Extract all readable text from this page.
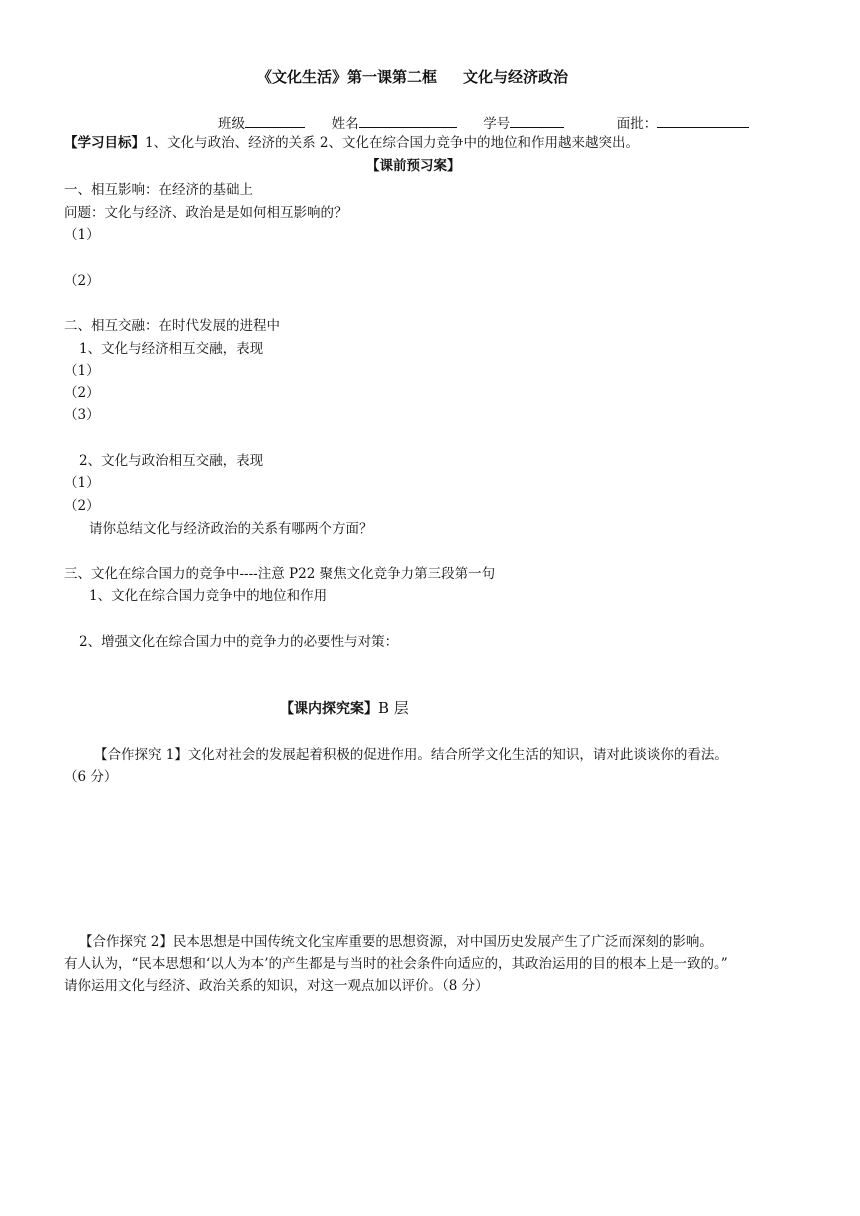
《文化生活》第一课第二框 文化与经济政治
班级	姓名	学号	面批：
【学习目标】1、文化与政治、经济的关系 2、文化在综合国力竞争中的地位和作用越来越突出。
【课前预习案】
一、相互影响：在经济的基础上
问题：文化与经济、政治是是如何相互影响的？
（1）
（2）
二、相互交融：在时代发展的进程中
1、文化与经济相互交融，表现
（1）
（2）
（3）
2、文化与政治相互交融，表现
（1）
（2）
请你总结文化与经济政治的关系有哪两个方面？
三、文化在综合国力的竞争中----注意 P22 聚焦文化竞争力第三段第一句
1、文化在综合国力竞争中的地位和作用
2、增强文化在综合国力中的竞争力的必要性与对策：
【课内探究案】B 层
【合作探究 1】文化对社会的发展起着积极的促进作用。结合所学文化生活的知识，请对此谈谈你的看法。
（6 分）
【合作探究 2】民本思想是中国传统文化宝库重要的思想资源，对中国历史发展产生了广泛而深刻的影响。
有人认为，“民本思想和‘以人为本’的产生都是与当时的社会条件向适应的，其政治运用的目的根本上是一致的。”
请你运用文化与经济、政治关系的知识，对这一观点加以评价。（8 分）
